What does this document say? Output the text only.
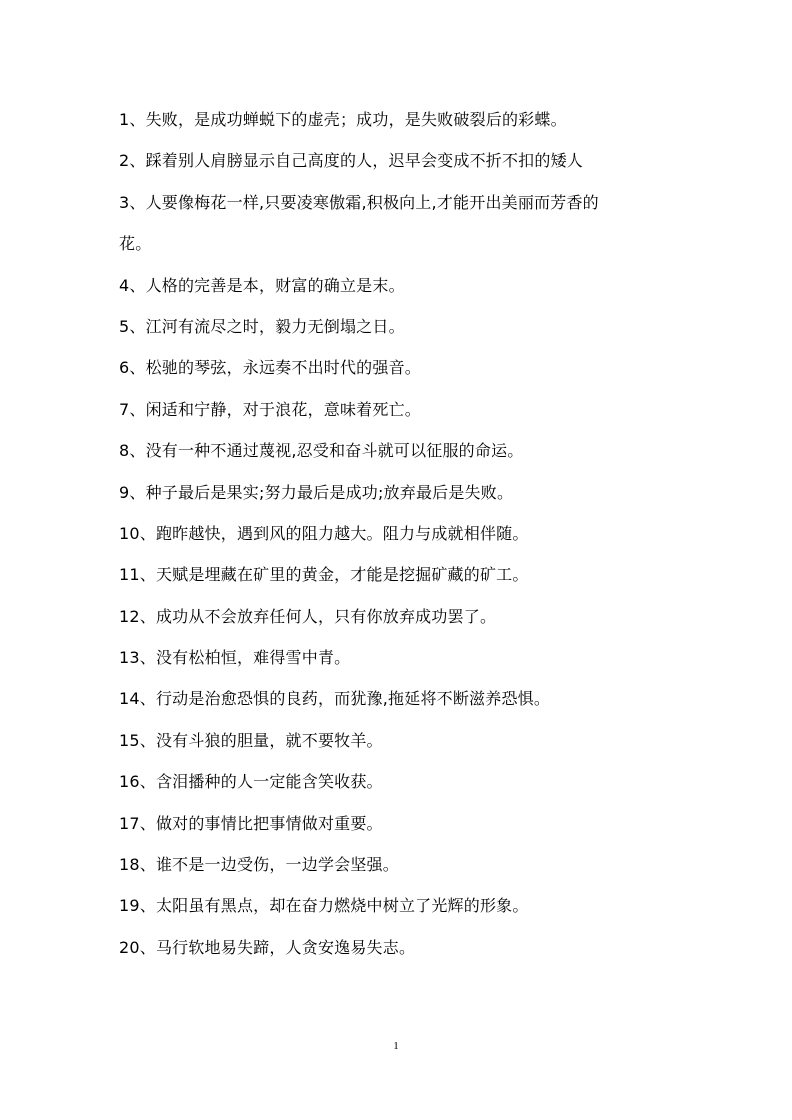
1、失败，是成功蝉蜕下的虚壳；成功，是失败破裂后的彩蝶。
2、踩着别人肩膀显示自己高度的人，迟早会变成不折不扣的矮人
3、人要像梅花一样,只要凌寒傲霜,积极向上,才能开出美丽而芳香的
花。
4、人格的完善是本，财富的确立是末。
5、江河有流尽之时，毅力无倒塌之日。
6、松驰的琴弦，永远奏不出时代的强音。
7、闲适和宁静，对于浪花，意味着死亡。
8、没有一种不通过蔑视,忍受和奋斗就可以征服的命运。
9、种子最后是果实;努力最后是成功;放弃最后是失败。
10、跑昨越快，遇到风的阻力越大。阻力与成就相伴随。
11、天赋是埋藏在矿里的黄金，才能是挖掘矿藏的矿工。
12、成功从不会放弃任何人，只有你放弃成功罢了。
13、没有松柏恒，难得雪中青。
14、行动是治愈恐惧的良药，而犹豫,拖延将不断滋养恐惧。
15、没有斗狼的胆量，就不要牧羊。
16、含泪播种的人一定能含笑收获。
17、做对的事情比把事情做对重要。
18、谁不是一边受伤，一边学会坚强。
19、太阳虽有黑点，却在奋力燃烧中树立了光辉的形象。
20、马行软地易失蹄，人贪安逸易失志。
1
